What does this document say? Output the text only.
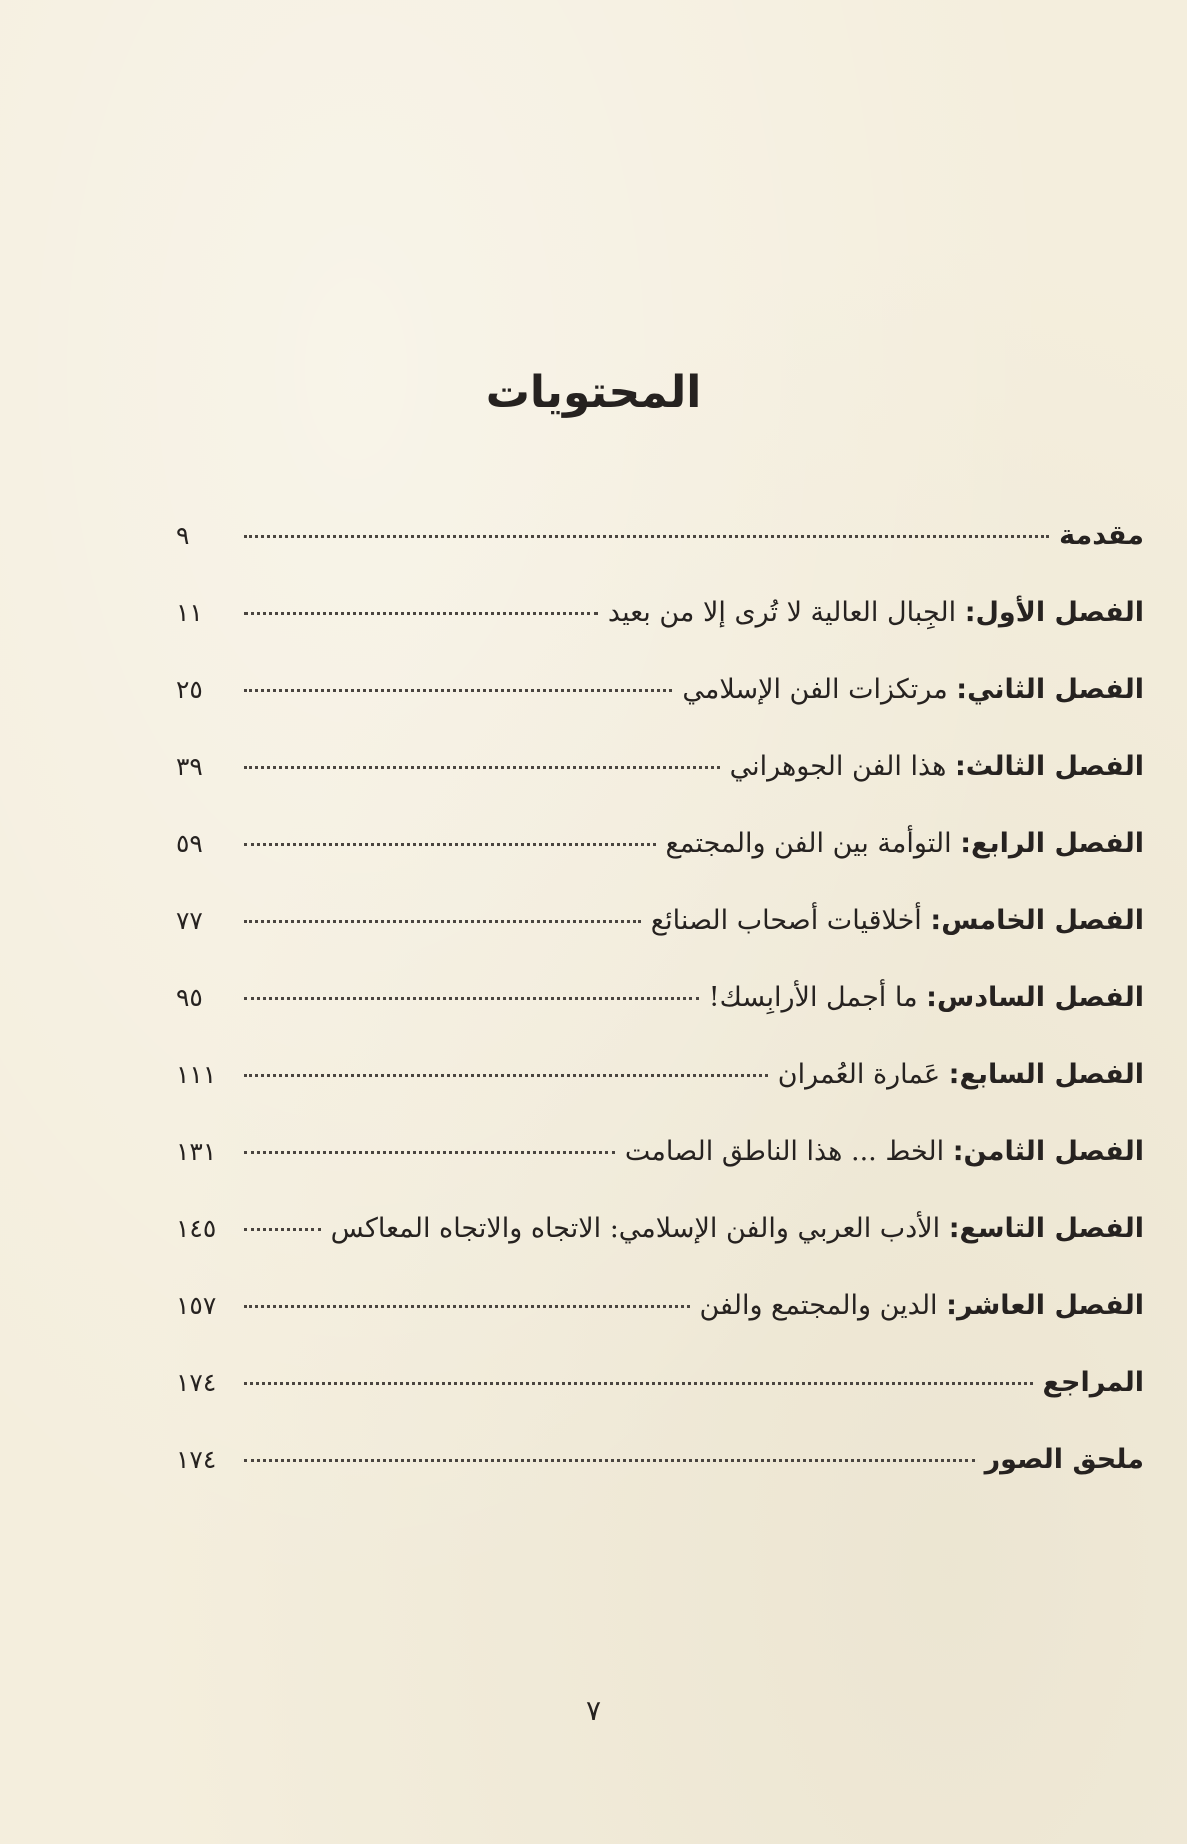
المحتويات
مقدمة
٩
الفصل الأول: الجِبال العالية لا تُرى إلا من بعيد
١١
الفصل الثاني: مرتكزات الفن الإسلامي
٢٥
الفصل الثالث: هذا الفن الجوهراني
٣٩
الفصل الرابع: التوأمة بين الفن والمجتمع
٥٩
الفصل الخامس: أخلاقيات أصحاب الصنائع
٧٧
الفصل السادس: ما أجمل الأرابِسك!
٩٥
الفصل السابع: عَمارة العُمران
١١١
الفصل الثامن: الخط ... هذا الناطق الصامت
١٣١
الفصل التاسع: الأدب العربي والفن الإسلامي: الاتجاه والاتجاه المعاكس
١٤٥
الفصل العاشر: الدين والمجتمع والفن
١٥٧
المراجع
١٧٤
ملحق الصور
١٧٤
٧
